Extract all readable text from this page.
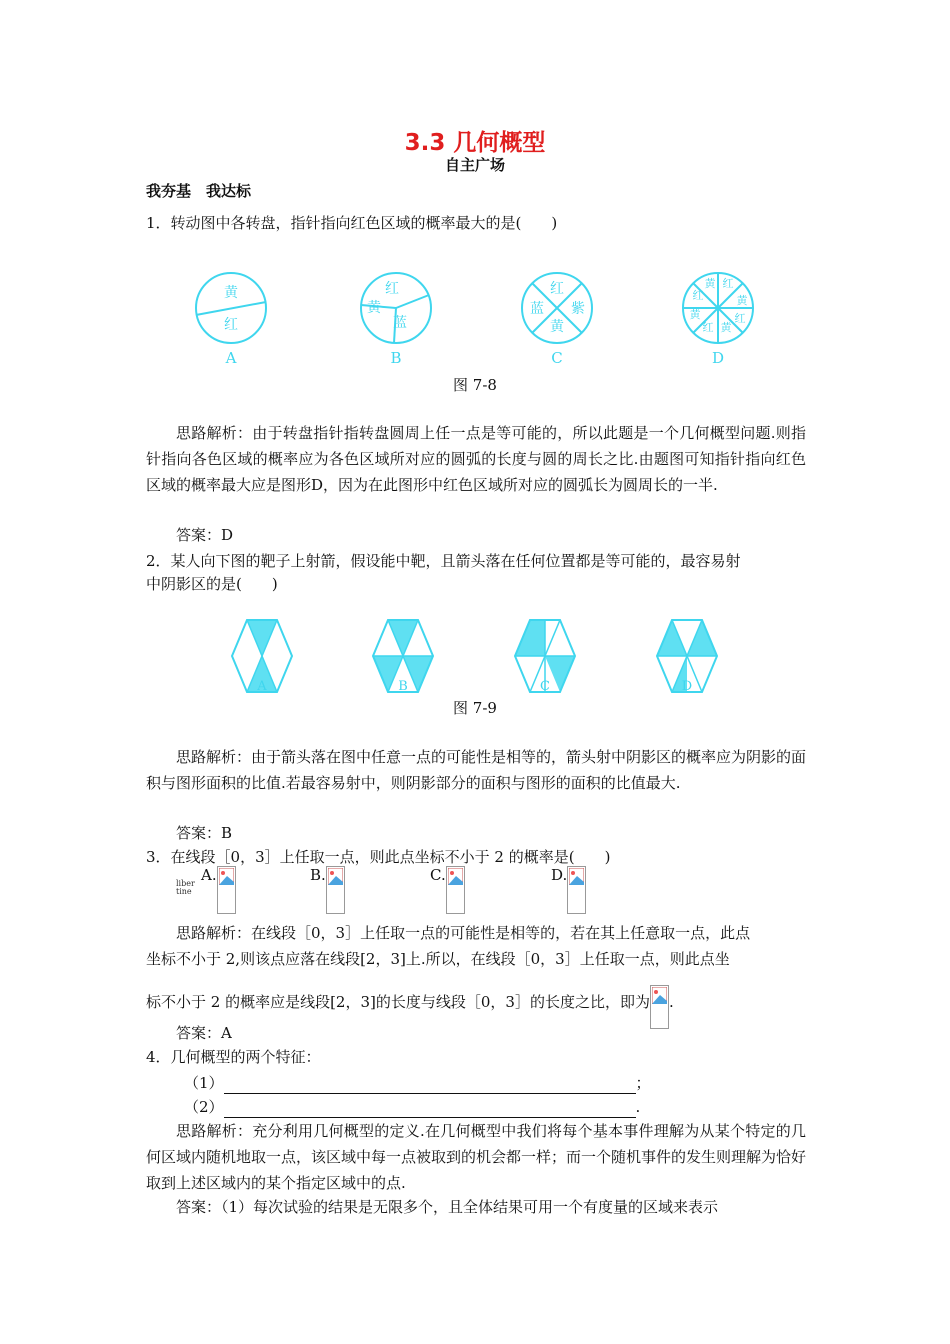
3.3 几何概型
自主广场
我夯基　我达标
1．转动图中各转盘，指针指向红色区域的概率最大的是(　　)
黄
红
红
黄
蓝
红
蓝 紫
黄
黄 红
红	黄
黄	红
红 黄
A	B	C	D
图 7-8
思路解析：由于转盘指针指转盘圆周上任一点是等可能的，所以此题是一个几何概型问题.则指针指向各色区域的概率应为各色区域所对应的圆弧的长度与圆的周长之比.由题图可知指针指向红色区域的概率最大应是图形D，因为在此图形中红色区域所对应的圆弧长为圆周长的一半.
答案：D
2．某人向下图的靶子上射箭，假设能中靶，且箭头落在任何位置都是等可能的，最容易射
中阴影区的是(　　)
A	B	C	D
图 7-9
思路解析：由于箭头落在图中任意一点的可能性是相等的，箭头射中阴影区的概率应为阴影的面积与图形面积的比值.若最容易射中，则阴影部分的面积与图形的面积的比值最大.
答案：B
3．在线段［0，3］上任取一点，则此点坐标不小于 2 的概率是(　　)
liber tine
A.	B.	C.	D.
思路解析：在线段［0，3］上任取一点的可能性是相等的，若在其上任意取一点，此点
坐标不小于 2,则该点应落在线段[2，3]上.所以，在线段［0，3］上任取一点，则此点坐
标不小于 2 的概率应是线段[2，3]的长度与线段［0，3］的长度之比，即为 .
答案：A
4．几何概型的两个特征：
（1）	；
（2）	.
思路解析：充分利用几何概型的定义.在几何概型中我们将每个基本事件理解为从某个特定的几何区域内随机地取一点，该区域中每一点被取到的机会都一样；而一个随机事件的发生则理解为恰好取到上述区域内的某个指定区域中的点.
答案：（1）每次试验的结果是无限多个，且全体结果可用一个有度量的区域来表示
